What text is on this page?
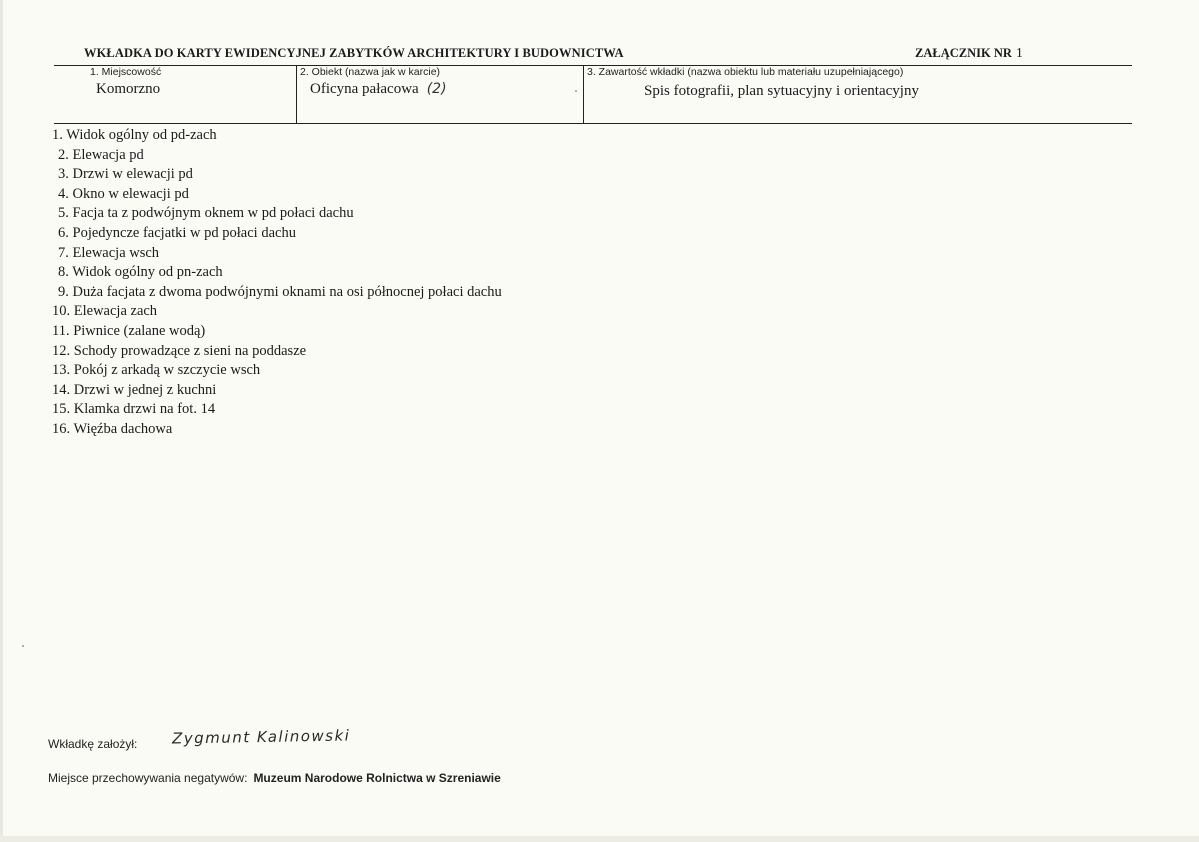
WKŁADKA DO KARTY EWIDENCYJNEJ ZABYTKÓW ARCHITEKTURY I BUDOWNICTWA	ZAŁĄCZNIK NR 1
1. Miejscowość
Komorzno
2. Obiekt (nazwa jak w karcie)
Oficyna pałacowa (2)
3. Zawartość wkładki (nazwa obiektu lub materiału uzupełniającego)
Spis fotografii, plan sytuacyjny i orientacyjny
1. Widok ogólny od pd-zach
2. Elewacja pd
3. Drzwi w elewacji pd
4. Okno w elewacji pd
5. Facja ta z podwójnym oknem w pd połaci dachu
6. Pojedyncze facjatki w pd połaci dachu
7. Elewacja wsch
8. Widok ogólny od pn-zach
9. Duża facjata z dwoma podwójnymi oknami na osi północnej połaci dachu
10. Elewacja zach
11. Piwnice (zalane wodą)
12. Schody prowadzące z sieni na poddasze
13. Pokój z arkadą w szczycie wsch
14. Drzwi w jednej z kuchni
15. Klamka drzwi na fot. 14
16. Więźba dachowa
Wkładkę założył: Zygmunt Kalinowski
Miejsce przechowywania negatywów: Muzeum Narodowe Rolnictwa w Szreniawie
